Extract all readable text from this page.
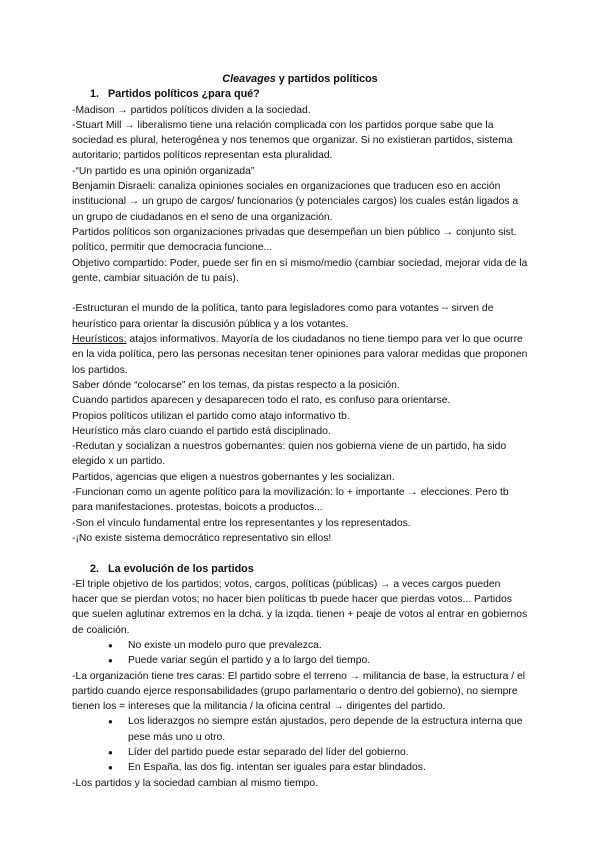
Cleavages y partidos políticos

1. Partidos políticos ¿para qué?

-Madison → partidos políticos dividen a la sociedad.

-Stuart Mill → liberalismo tiene una relación complicada con los partidos porque sabe que la sociedad es plural, heterogénea y nos tenemos que organizar. Si no existieran partidos, sistema autoritario; partidos políticos representan esta pluralidad.

-“Un partido es una opinión organizada”

Benjamin Disraeli: canaliza opiniones sociales en organizaciones que traducen eso en acción institucional → un grupo de cargos/ funcionarios (y potenciales cargos) los cuales están ligados a un grupo de ciudadanos en el seno de una organización.

Partidos políticos son organizaciones privadas que desempeñan un bien público → conjunto sist. político, permitir que democracia funcione...

Objetivo compartido: Poder, puede ser fin en sí mismo/medio (cambiar sociedad, mejorar vida de la gente, cambiar situación de tu país).

-Estructuran el mundo de la política, tanto para legisladores como para votantes -- sirven de heurístico para orientar la discusión pública y a los votantes.

Heurísticos: atajos informativos. Mayoría de los ciudadanos no tiene tiempo para ver lo que ocurre en la vida política, pero las personas necesitan tener opiniones para valorar medidas que proponen los partidos.

Saber dónde “colocarse” en los temas, da pistas respecto a la posición.

Cuando partidos aparecen y desaparecen todo el rato, es confuso para orientarse.

Propios políticos utilizan el partido como atajo informativo tb.

Heurístico más claro cuando el partido está disciplinado.

-Redutan y socializan a nuestros gobernantes: quien nos gobierna viene de un partido, ha sido elegido x un partido.

Partidos, agencias que eligen a nuestros gobernantes y les socializan.

-Funcionan como un agente político para la movilización: lo + importante → elecciones. Pero tb para manifestaciones. protestas, boicots a productos...

-Son el vínculo fundamental entre los representantes y los representados.

-¡No existe sistema democrático representativo sin ellos!

2. La evolución de los partidos

-El triple objetivo de los partidos; votos, cargos, políticas (públicas) → a veces cargos pueden hacer que se pierdan votos; no hacer bien políticas tb puede hacer que pierdas votos... Partidos que suelen aglutinar extremos en la dcha. y la izqda. tienen + peaje de votos al entrar en gobiernos de coalición.

● No existe un modelo puro que prevalezca.
● Puede variar según el partido y a lo largo del tiempo.

-La organización tiene tres caras: El partido sobre el terreno → militancia de base, la estructura / el partido cuando ejerce responsabilidades (grupo parlamentario o dentro del gobierno), no siempre tienen los = intereses que la militancia / la oficina central → dirigentes del partido.

● Los liderazgos no siempre están ajustados, pero depende de la estructura interna que pese más uno u otro.
● Líder del partido puede estar separado del líder del gobierno.
● En España, las dos fig. intentan ser iguales para estar blindados.

-Los partidos y la sociedad cambian al mismo tiempo.
